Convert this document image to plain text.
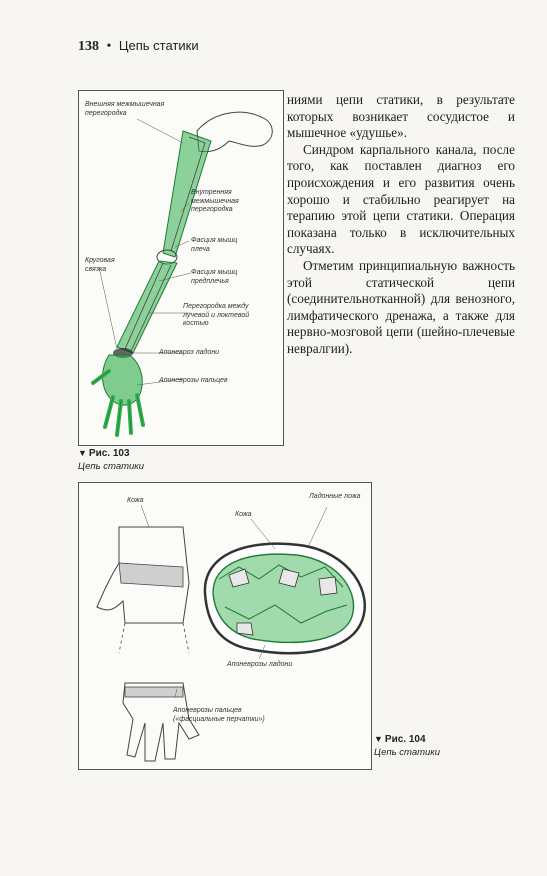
138 • Цепь статики
Внешняя межмышечная перегородка
Внутренняя межмышечная перегородка
Фасция мышц плеча
Круговая связка	Фасция мышц предплечья
Перегородка между лучевой и локтевой костью
Апоневроз ладони
Апоневрозы пальцев
▼ Рис. 103
Цепь статики

ниями цепи статики, в результате которых возникает сосудистое и мышечное «удушье».

Синдром карпального канала, после того, как поставлен диагноз его происхождения и его развития очень хорошо и стабильно реагирует на терапию этой цепи статики. Операция показана только в исключительных случаях.

Отметим принципиальную важность этой статической цепи (соединительнотканной) для венозного, лимфатического дренажа, а также для нервно-мозговой цепи (шейно-плечевые невралгии).

Кожа
Кожа
Ладонные ложа
Апоневрозы ладони
Апоневрозы пальцев
(«фасциальные перчатки»)
▼ Рис. 104
Цепь статики
